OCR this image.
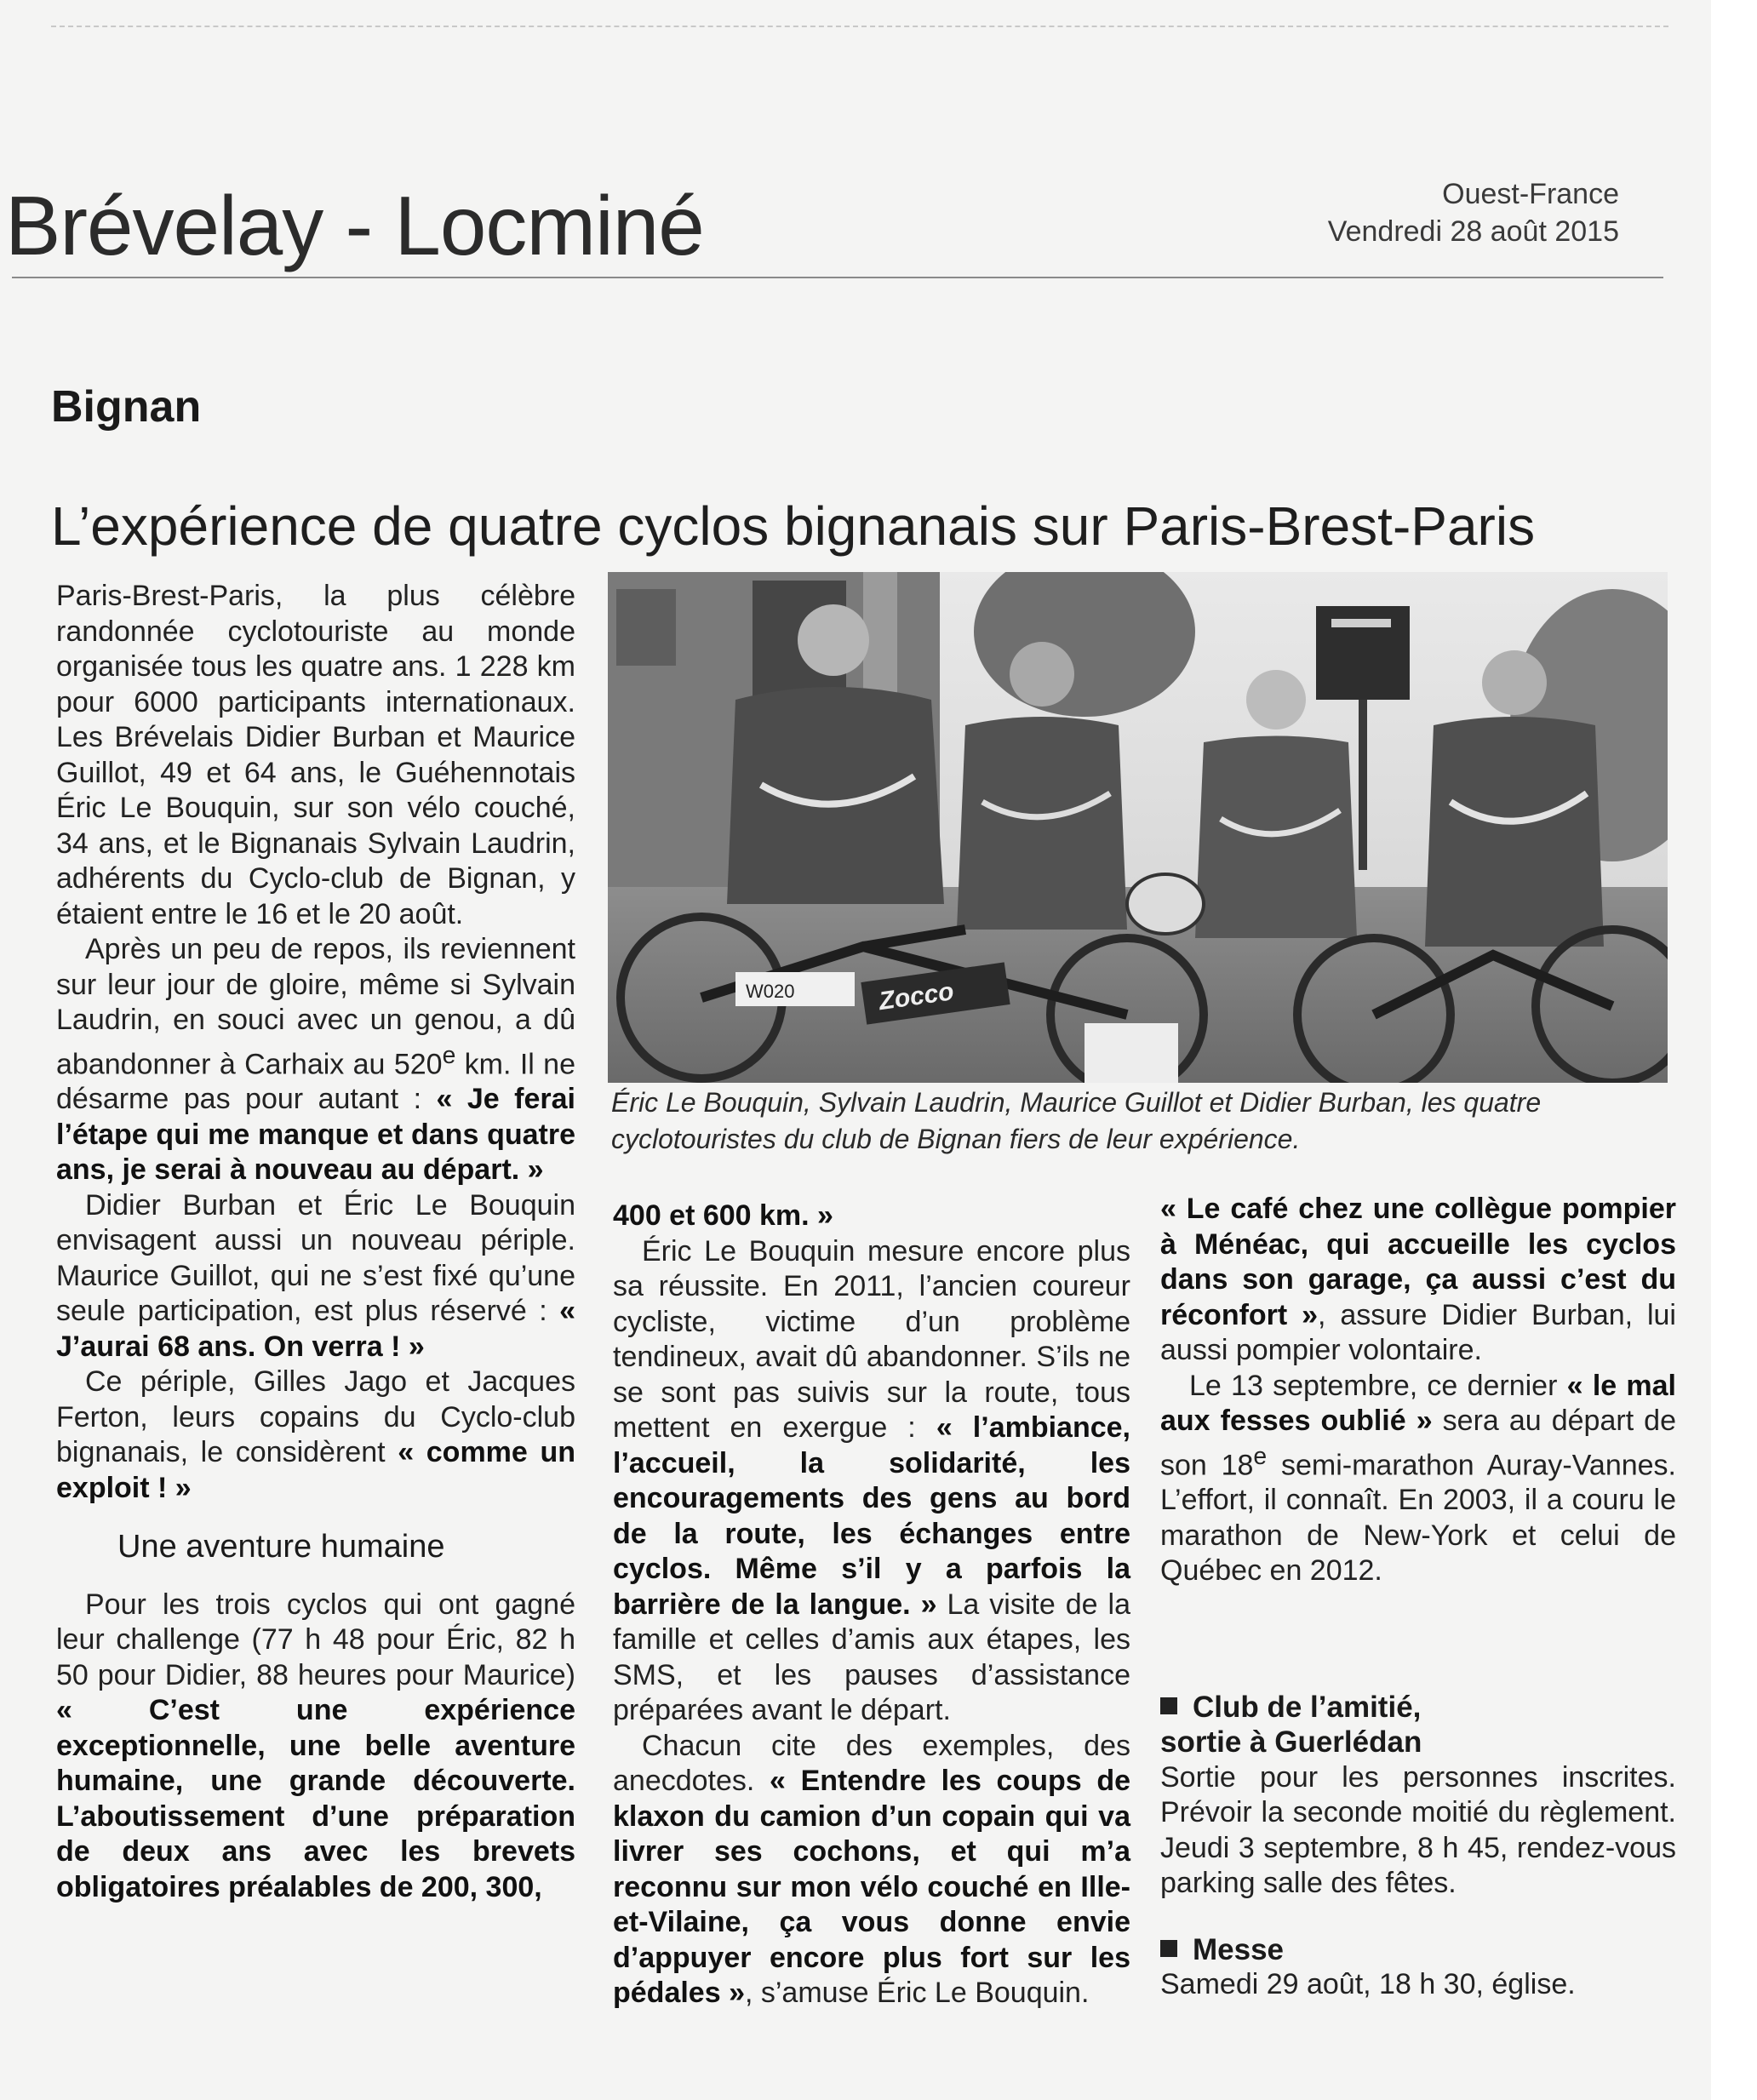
Brévelay - Locminé	Ouest-France
Vendredi 28 août 2015
Bignan
L’expérience de quatre cyclos bignanais sur Paris-Brest-Paris

Paris-Brest-Paris, la plus célèbre randonnée cyclotouriste au monde organisée tous les quatre ans. 1 228 km pour 6000 participants internationaux. Les Brévelais Didier Burban et Maurice Guillot, 49 et 64 ans, le Guéhennotais Éric Le Bouquin, sur son vélo couché, 34 ans, et le Bignanais Sylvain Laudrin, adhérents du Cyclo-club de Bignan, y étaient entre le 16 et le 20 août.

Après un peu de repos, ils reviennent sur leur jour de gloire, même si Sylvain Laudrin, en souci avec un genou, a dû abandonner à Carhaix au 520e km. Il ne désarme pas pour autant : « Je ferai l’étape qui me manque et dans quatre ans, je serai à nouveau au départ. »

Didier Burban et Éric Le Bouquin envisagent aussi un nouveau périple. Maurice Guillot, qui ne s’est fixé qu’une seule participation, est plus réservé : « J’aurai 68 ans. On verra ! »

Ce périple, Gilles Jago et Jacques Ferton, leurs copains du Cyclo-club bignanais, le considèrent « comme un exploit ! »

Une aventure humaine

Pour les trois cyclos qui ont gagné leur challenge (77 h 48 pour Éric, 82 h 50 pour Didier, 88 heures pour Maurice) « C’est une expérience exceptionnelle, une belle aventure humaine, une grande découverte. L’aboutissement d’une préparation de deux ans avec les brevets obligatoires préalables de 200, 300,

W020	Zocco
Éric Le Bouquin, Sylvain Laudrin, Maurice Guillot et Didier Burban, les quatre cyclotouristes du club de Bignan fiers de leur expérience.

400 et 600 km. »

Éric Le Bouquin mesure encore plus sa réussite. En 2011, l’ancien coureur cycliste, victime d’un problème tendineux, avait dû abandonner. S’ils ne se sont pas suivis sur la route, tous mettent en exergue : « l’ambiance, l’accueil, la solidarité, les encouragements des gens au bord de la route, les échanges entre cyclos. Même s’il y a parfois la barrière de la langue. » La visite de la famille et celles d’amis aux étapes, les SMS, et les pauses d’assistance préparées avant le départ.

Chacun cite des exemples, des anecdotes. « Entendre les coups de klaxon du camion d’un copain qui va livrer ses cochons, et qui m’a reconnu sur mon vélo couché en Ille-et-Vilaine, ça vous donne envie d’appuyer encore plus fort sur les pédales », s’amuse Éric Le Bouquin.

« Le café chez une collègue pompier à Ménéac, qui accueille les cyclos dans son garage, ça aussi c’est du réconfort », assure Didier Burban, lui aussi pompier volontaire.

Le 13 septembre, ce dernier « le mal aux fesses oublié » sera au départ de son 18e semi-marathon Auray-Vannes. L’effort, il connaît. En 2003, il a couru le marathon de New-York et celui de Québec en 2012.

Club de l’amitié,

sortie à Guerlédan

Sortie pour les personnes inscrites. Prévoir la seconde moitié du règlement. Jeudi 3 septembre, 8 h 45, rendez-vous parking salle des fêtes.

Messe

Samedi 29 août, 18 h 30, église.
